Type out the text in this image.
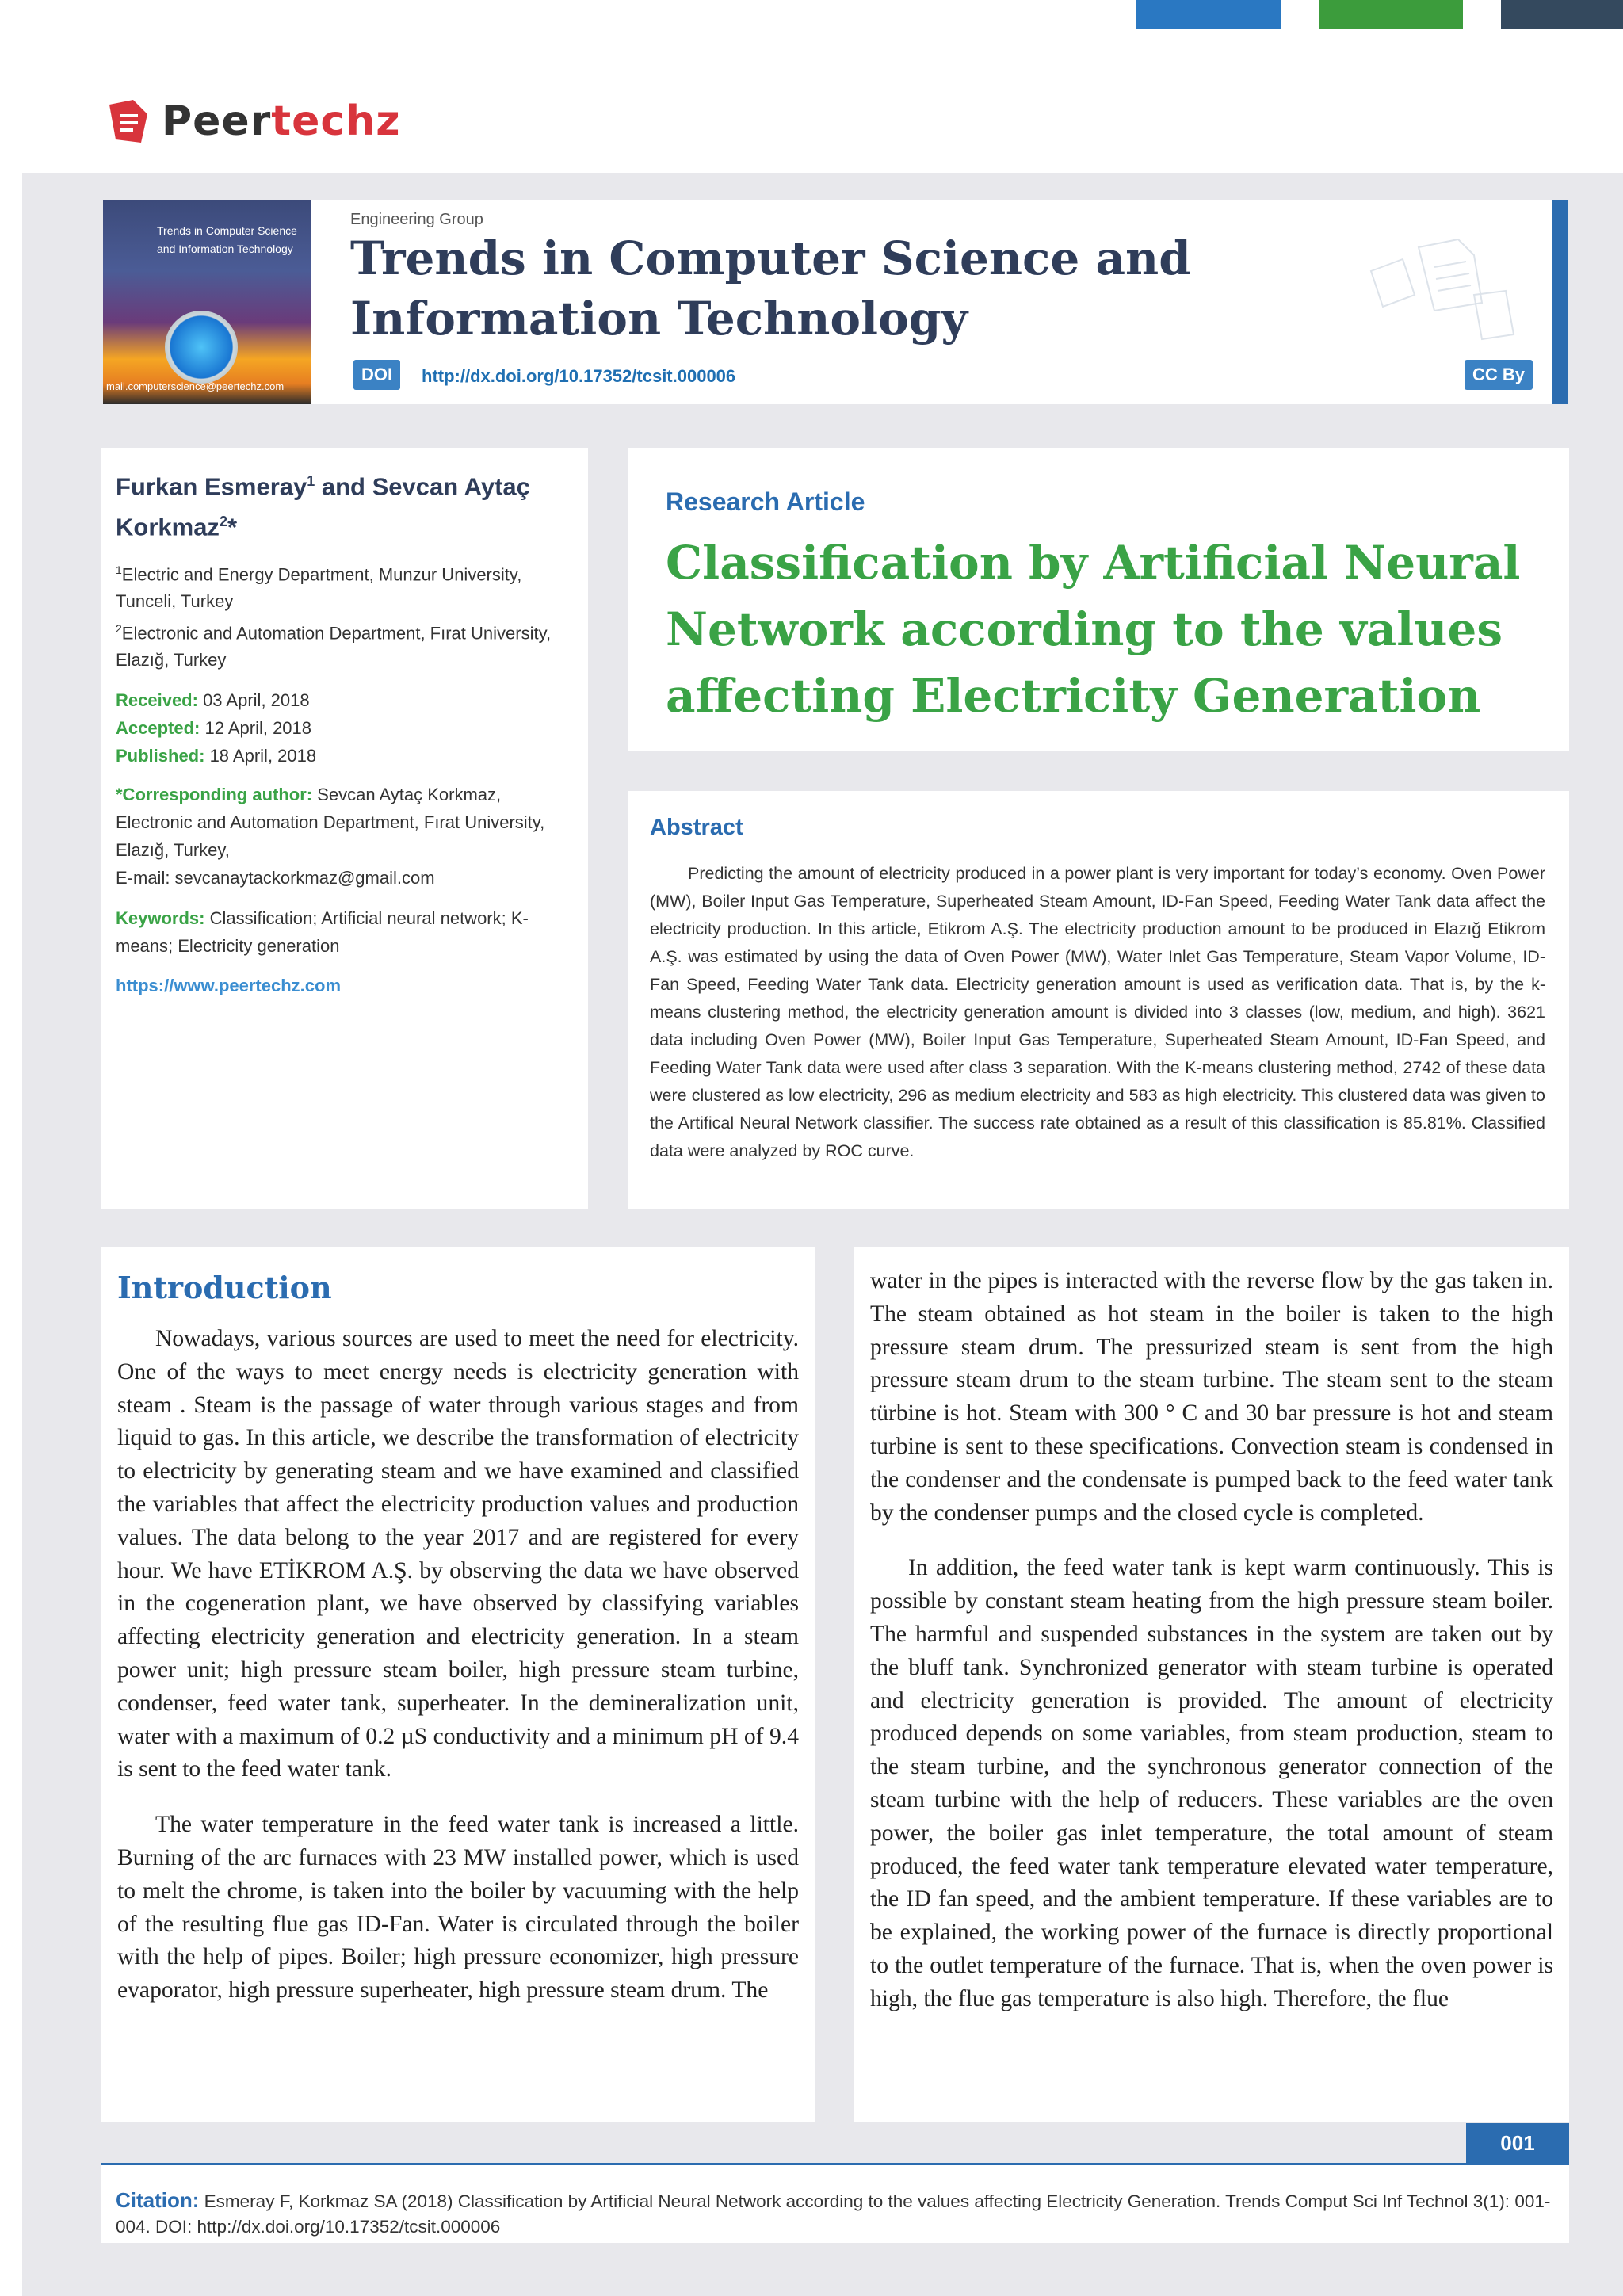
Peertechz
Trends in Computer Science and Information Technology
mail.computerscience@peertechz.com
Engineering Group
Trends in Computer Science and
Information Technology
DOI	http://dx.doi.org/10.17352/tcsit.000006	CC By
Furkan Esmeray$^1$ and Sevcan Aytaç
Korkmaz$^2$*
$^1$Electric and Energy Department, Munzur University, Tunceli, Turkey
$^2$Electronic and Automation Department, Fırat University, Elazığ, Turkey
Received: 03 April, 2018
Accepted: 12 April, 2018
Published: 18 April, 2018
*Corresponding author: Sevcan Aytaç Korkmaz, Electronic and Automation Department, Fırat University, Elazığ, Turkey,
E-mail: sevcanaytackorkmaz@gmail.com
Keywords: Classification; Artificial neural network; K-means; Electricity generation
https://www.peertechz.com
Research Article
Classification by Artificial Neural
Network according to the values
affecting Electricity Generation
Abstract
Predicting the amount of electricity produced in a power plant is very important for today’s economy. Oven Power (MW), Boiler Input Gas Temperature, Superheated Steam Amount, ID-Fan Speed, Feeding Water Tank data affect the electricity production. In this article, Etikrom A.Ş. The electricity production amount to be produced in Elazığ Etikrom A.Ş. was estimated by using the data of Oven Power (MW), Water Inlet Gas Temperature, Steam Vapor Volume, ID-Fan Speed, Feeding Water Tank data. Electricity generation amount is used as verification data. That is, by the k-means clustering method, the electricity generation amount is divided into 3 classes (low, medium, and high). 3621 data including Oven Power (MW), Boiler Input Gas Temperature, Superheated Steam Amount, ID-Fan Speed, and Feeding Water Tank data were used after class 3 separation. With the K-means clustering method, 2742 of these data were clustered as low electricity, 296 as medium electricity and 583 as high electricity. This clustered data was given to the Artifical Neural Network classifier. The success rate obtained as a result of this classification is 85.81%. Classified data were analyzed by ROC curve.
Introduction

Nowadays, various sources are used to meet the need for electricity. One of the ways to meet energy needs is electricity generation with steam . Steam is the passage of water through various stages and from liquid to gas. In this article, we describe the transformation of electricity to electricity by generating steam and we have examined and classified the variables that affect the electricity production values and production values. The data belong to the year 2017 and are registered for every hour. We have ETİKROM A.Ş. by observing the data we have observed in the cogeneration plant, we have observed by classifying variables affecting electricity generation and electricity generation. In a steam power unit; high pressure steam boiler, high pressure steam turbine, condenser, feed water tank, superheater. In the demineralization unit, water with a maximum of 0.2 µS conductivity and a minimum pH of 9.4 is sent to the feed water tank.

The water temperature in the feed water tank is increased a little. Burning of the arc furnaces with 23 MW installed power, which is used to melt the chrome, is taken into the boiler by vacuuming with the help of the resulting flue gas ID-Fan. Water is circulated through the boiler with the help of pipes. Boiler; high pressure economizer, high pressure evaporator, high pressure superheater, high pressure steam drum. The

water in the pipes is interacted with the reverse flow by the gas taken in. The steam obtained as hot steam in the boiler is taken to the high pressure steam drum. The pressurized steam is sent from the high pressure steam drum to the steam turbine. The steam sent to the steam türbine is hot. Steam with 300 ° C and 30 bar pressure is hot and steam turbine is sent to these specifications. Convection steam is condensed in the condenser and the condensate is pumped back to the feed water tank by the condenser pumps and the closed cycle is completed.

In addition, the feed water tank is kept warm continuously. This is possible by constant steam heating from the high pressure steam boiler. The harmful and suspended substances in the system are taken out by the bluff tank. Synchronized generator with steam turbine is operated and electricity generation is provided. The amount of electricity produced depends on some variables, from steam production, steam to the steam turbine, and the synchronous generator connection of the steam turbine with the help of reducers. These variables are the oven power, the boiler gas inlet temperature, the total amount of steam produced, the feed water tank temperature elevated water temperature, the ID fan speed, and the ambient temperature. If these variables are to be explained, the working power of the furnace is directly proportional to the outlet temperature of the furnace. That is, when the oven power is high, the flue gas temperature is also high. Therefore, the flue

001
Citation: Esmeray F, Korkmaz SA (2018) Classification by Artificial Neural Network according to the values affecting Electricity Generation. Trends Comput Sci Inf Technol 3(1): 001-004. DOI: http://dx.doi.org/10.17352/tcsit.000006
